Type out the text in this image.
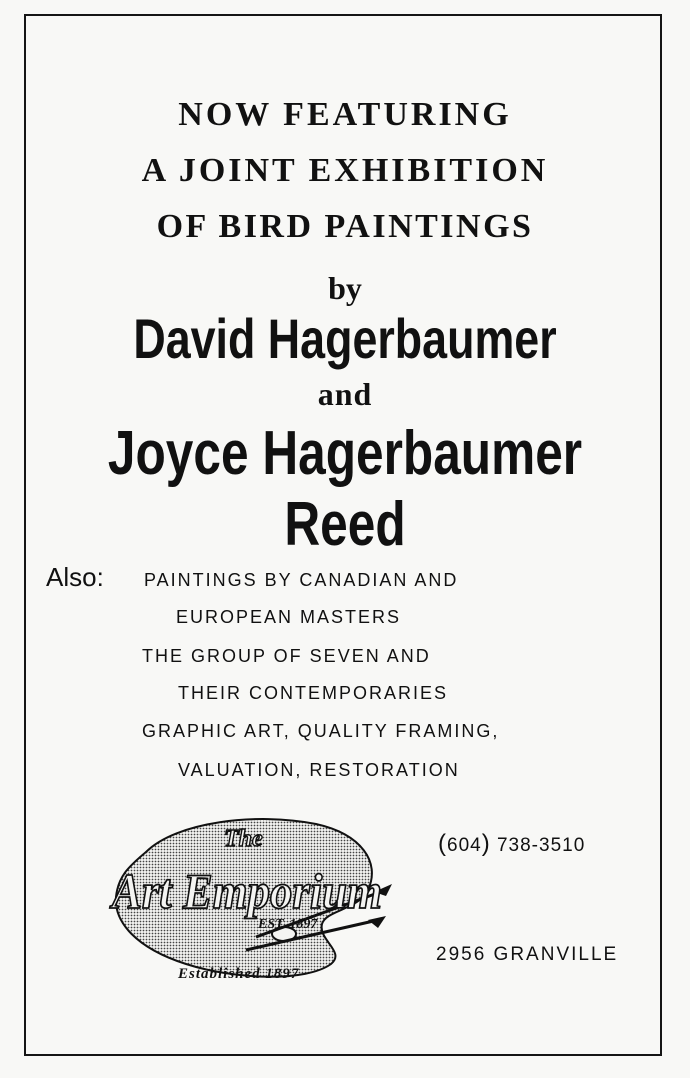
NOW FEATURING
A JOINT EXHIBITION
OF BIRD PAINTINGS
by
David Hagerbaumer
and
Joyce Hagerbaumer Reed
Also: PAINTINGS BY CANADIAN AND
EUROPEAN MASTERS
THE GROUP OF SEVEN AND
THEIR CONTEMPORARIES
GRAPHIC ART, QUALITY FRAMING,
VALUATION, RESTORATION
The
Art Emporium
EST. 1897
Established 1897
(604) 738-3510
2956 GRANVILLE
